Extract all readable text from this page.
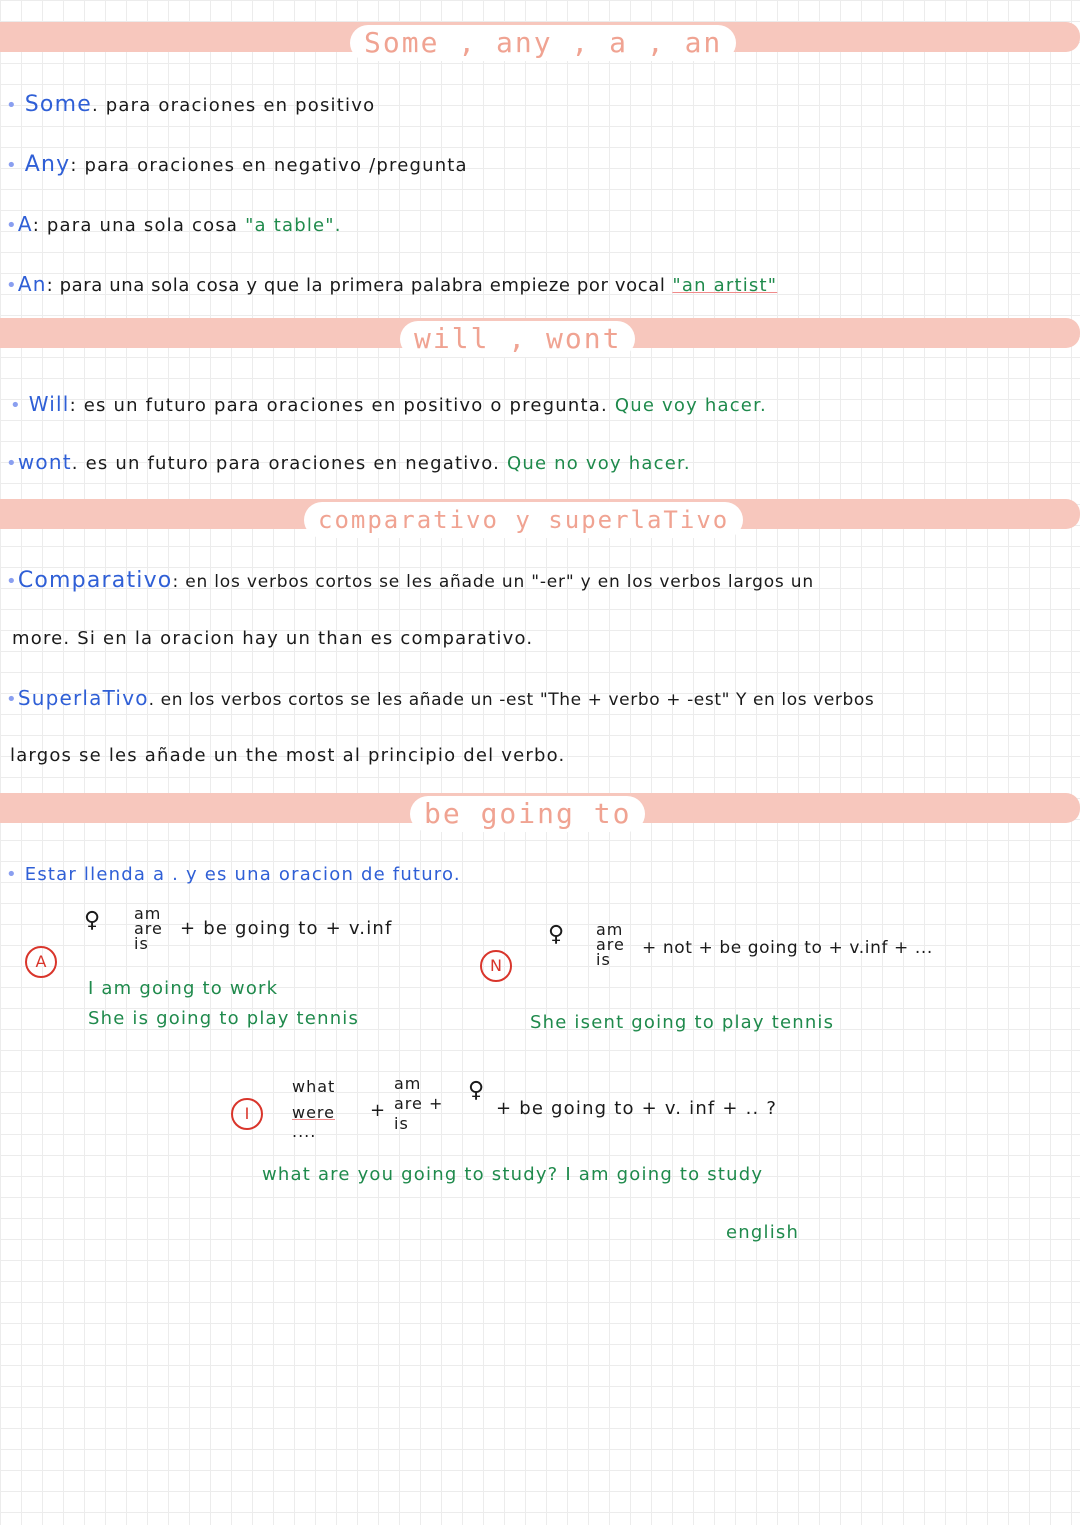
Some , any , a , an
• Some. para oraciones en positivo
• Any: para oraciones en negativo /pregunta
•A: para una sola cosa "a table".
•An: para una sola cosa y que la primera palabra empieze por vocal "an artist"
will , wont
• Will: es un futuro para oraciones en positivo o pregunta. Que voy hacer.
•wont. es un futuro para oraciones en negativo. Que no voy hacer.
comparativo y superlaTivo
•Comparativo: en los verbos cortos se les añade un "-er" y en los verbos largos un
more. Si en la oracion hay un than es comparativo.
•SuperlaTivo. en los verbos cortos se les añade un -est "The + verbo + -est" Y en los verbos
largos se les añade un the most al principio del verbo.
be going to
• Estar llenda a . y es una oracion de futuro.
A
♀ am
are
is
+ be going to + v.inf
I am going to work
She is going to play tennis
N
♀ am
are
is
+ not + be going to + v.inf + ...
She isent going to play tennis
I
what
were
....
+
am
are +
is
♀
+ be going to + v. inf + .. ?
what are you going to study? I am going to study
english
